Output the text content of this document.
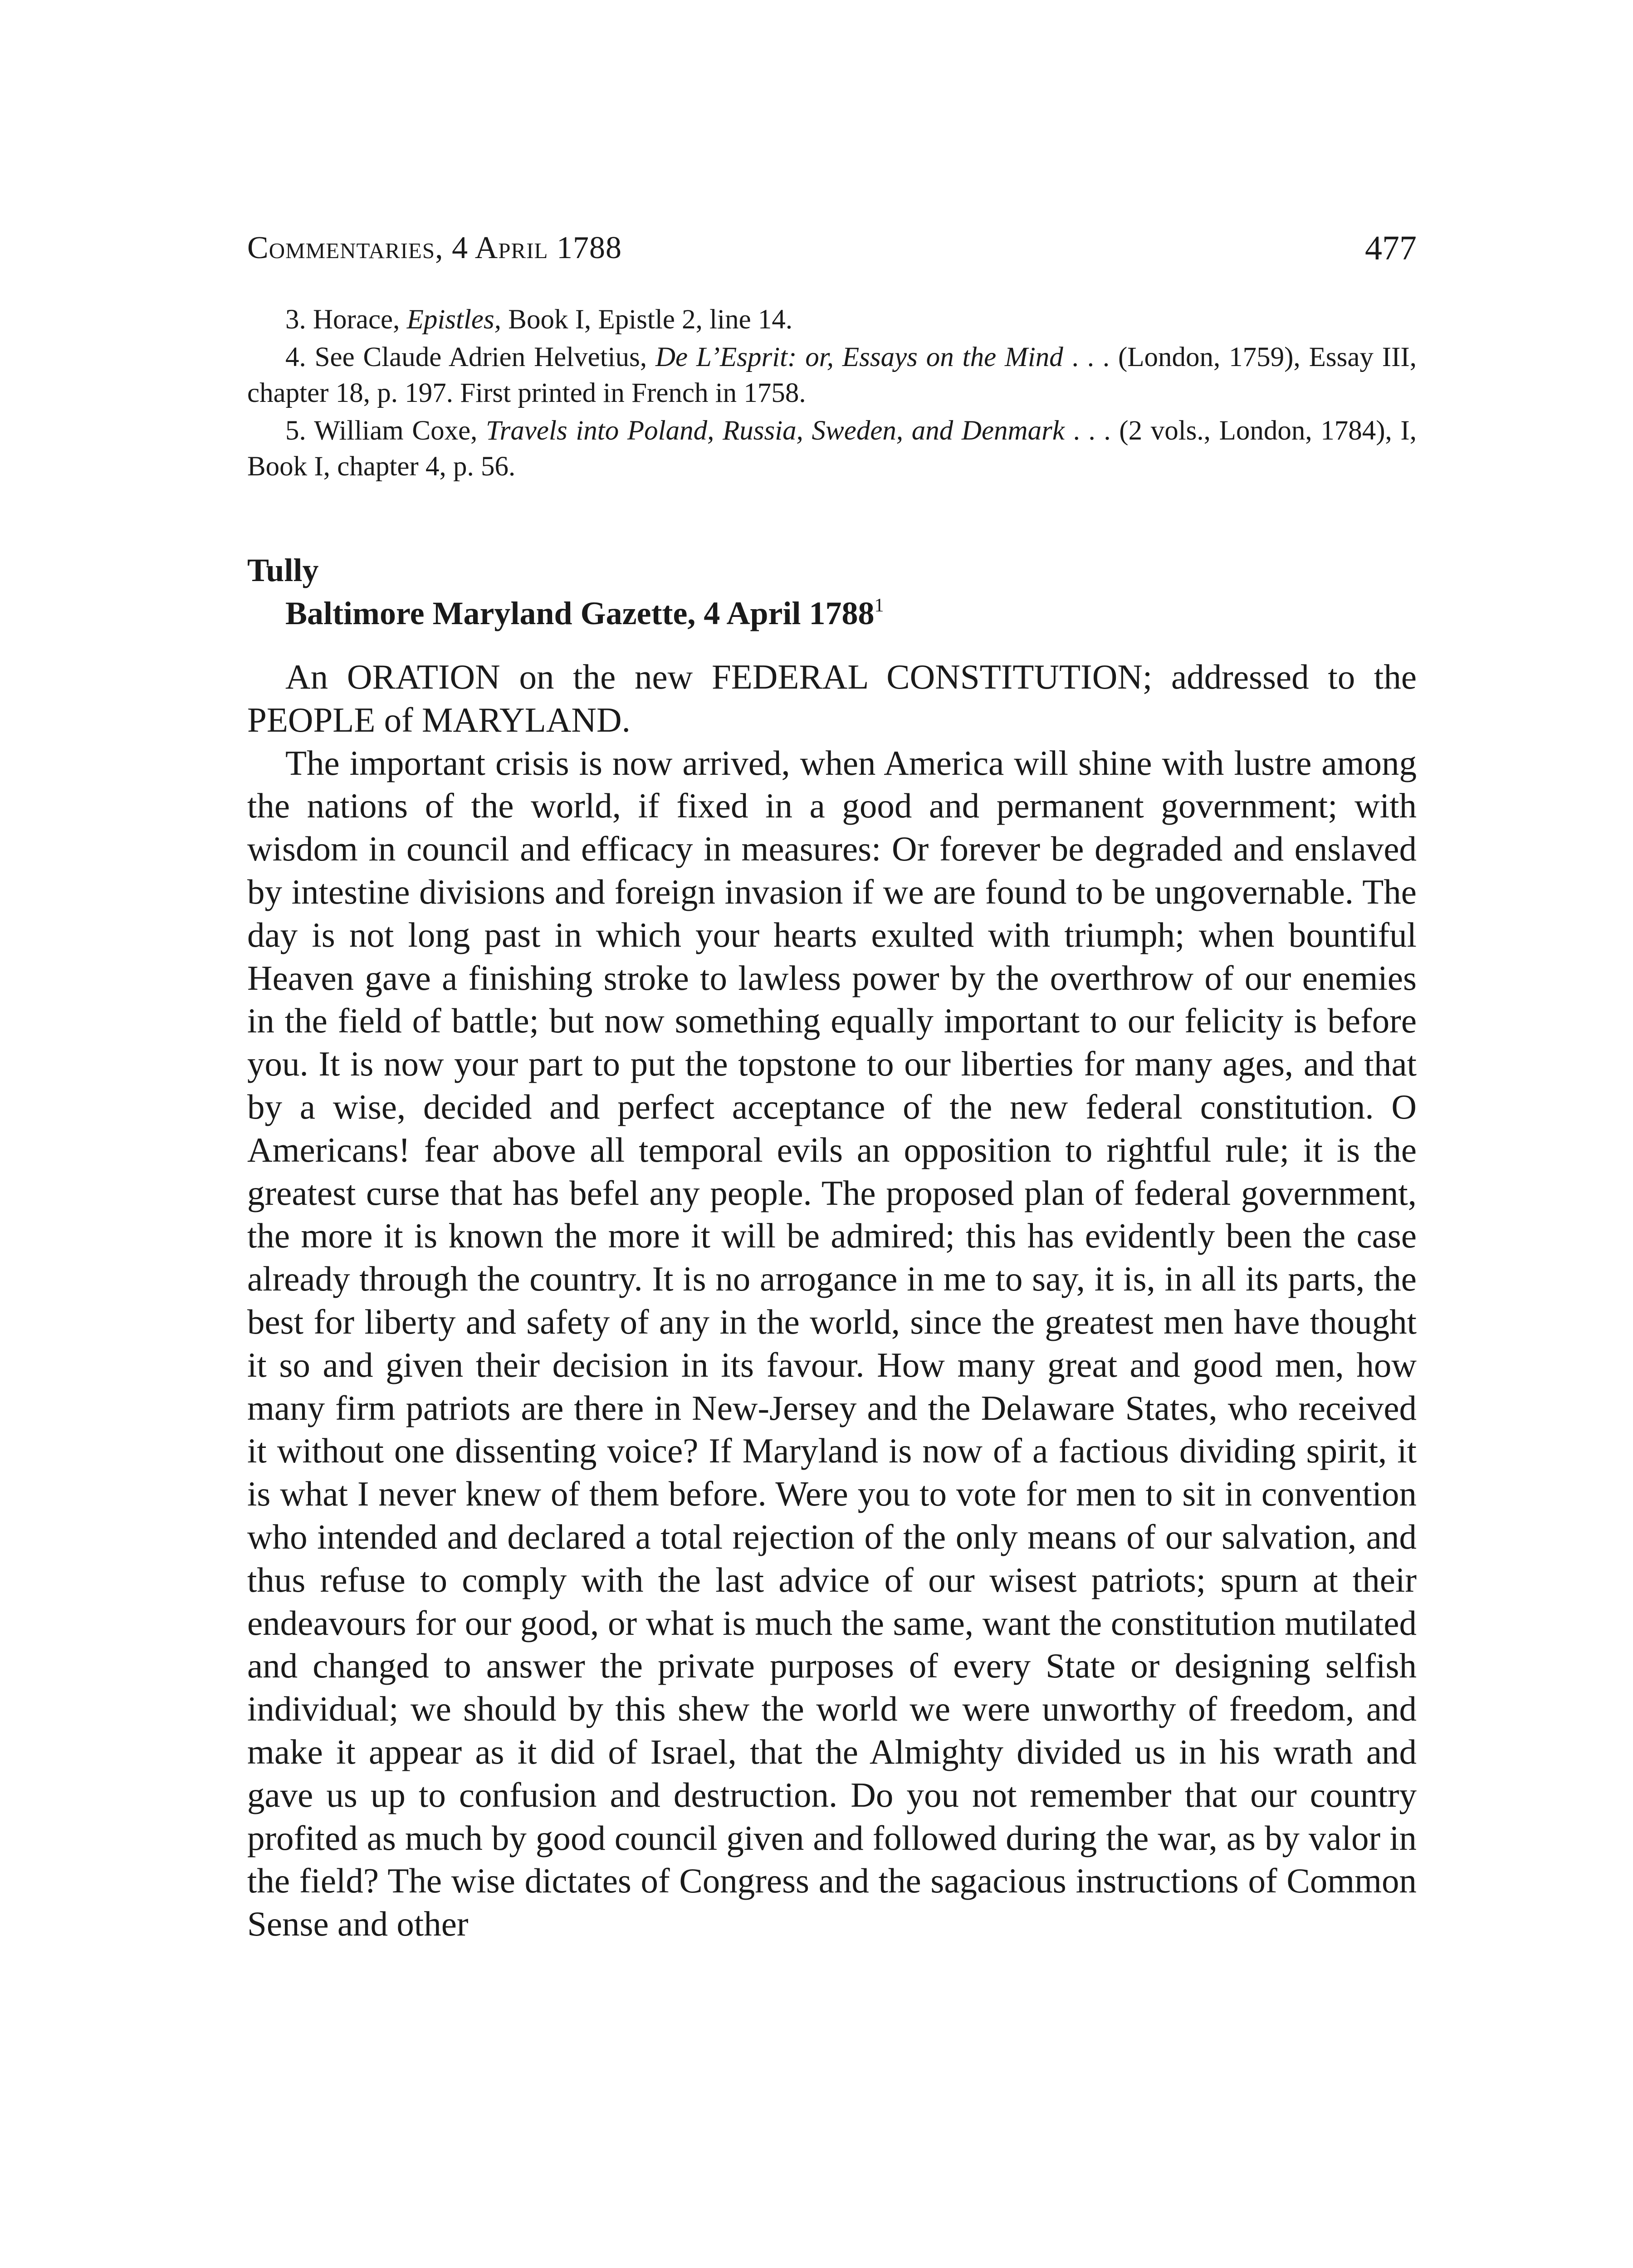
Commentaries, 4 April 1788	477

3. Horace, Epistles, Book I, Epistle 2, line 14.

4. See Claude Adrien Helvetius, De L’Esprit: or, Essays on the Mind . . . (London, 1759), Essay III, chapter 18, p. 197. First printed in French in 1758.

5. William Coxe, Travels into Poland, Russia, Sweden, and Denmark . . . (2 vols., London, 1784), I, Book I, chapter 4, p. 56.

Tully

Baltimore Maryland Gazette, 4 April 1788$^1$

An ORATION on the new FEDERAL CONSTITUTION; addressed to the PEOPLE of MARYLAND.

The important crisis is now arrived, when America will shine with lustre among the nations of the world, if fixed in a good and permanent government; with wisdom in council and efficacy in measures: Or forever be degraded and enslaved by intestine divisions and foreign invasion if we are found to be ungovernable. The day is not long past in which your hearts exulted with triumph; when bountiful Heaven gave a finishing stroke to lawless power by the overthrow of our enemies in the field of battle; but now something equally important to our felicity is before you. It is now your part to put the topstone to our liberties for many ages, and that by a wise, decided and perfect acceptance of the new federal constitution. O Americans! fear above all temporal evils an opposition to rightful rule; it is the greatest curse that has befel any people. The proposed plan of federal government, the more it is known the more it will be admired; this has evidently been the case already through the country. It is no arrogance in me to say, it is, in all its parts, the best for liberty and safety of any in the world, since the greatest men have thought it so and given their decision in its favour. How many great and good men, how many firm patriots are there in New-Jersey and the Delaware States, who received it without one dissenting voice? If Maryland is now of a factious dividing spirit, it is what I never knew of them before. Were you to vote for men to sit in convention who intended and declared a total rejection of the only means of our salvation, and thus refuse to comply with the last advice of our wisest patriots; spurn at their endeavours for our good, or what is much the same, want the constitution mutilated and changed to answer the private purposes of every State or designing selfish individual; we should by this shew the world we were unworthy of freedom, and make it appear as it did of Israel, that the Almighty divided us in his wrath and gave us up to confusion and destruction. Do you not remember that our country profited as much by good council given and followed during the war, as by valor in the field? The wise dictates of Congress and the sagacious instructions of Common Sense and other
